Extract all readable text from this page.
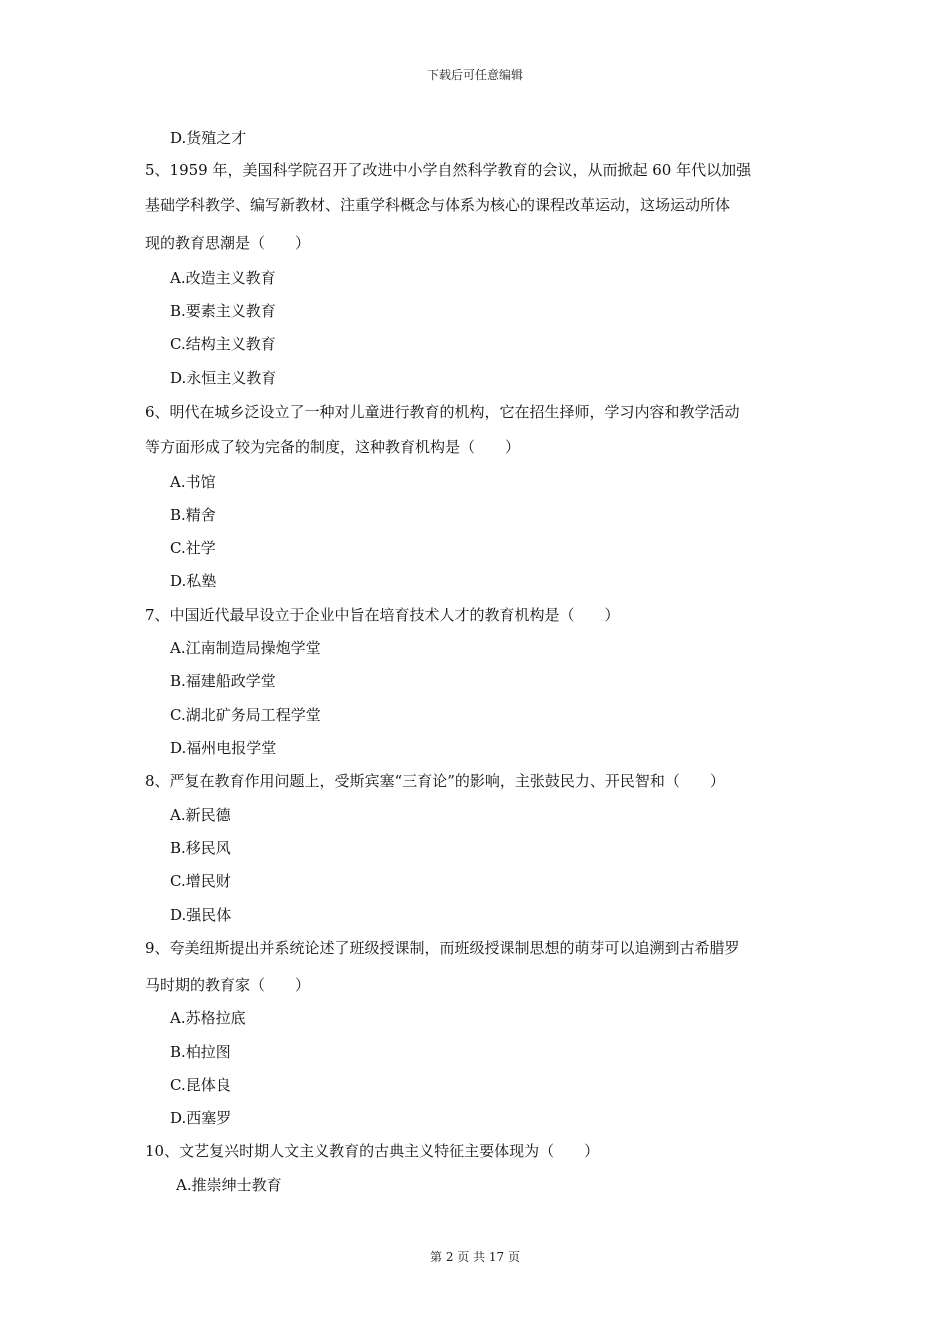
下载后可任意编辑
D.货殖之才
5、1959 年，美国科学院召开了改进中小学自然科学教育的会议，从而掀起 60 年代以加强
基础学科教学、编写新教材、注重学科概念与体系为核心的课程改革运动，这场运动所体
现的教育思潮是（　　）
A.改造主义教育
B.要素主义教育
C.结构主义教育
D.永恒主义教育
6、明代在城乡泛设立了一种对儿童进行教育的机构，它在招生择师，学习内容和教学活动
等方面形成了较为完备的制度，这种教育机构是（　　）
A.书馆
B.精舍
C.社学
D.私塾
7、中国近代最早设立于企业中旨在培育技术人才的教育机构是（　　）
A.江南制造局操炮学堂
B.福建船政学堂
C.湖北矿务局工程学堂
D.福州电报学堂
8、严复在教育作用问题上，受斯宾塞“三育论”的影响，主张鼓民力、开民智和（　　）
A.新民德
B.移民风
C.增民财
D.强民体
9、夸美纽斯提出并系统论述了班级授课制，而班级授课制思想的萌芽可以追溯到古希腊罗
马时期的教育家（　　）
A.苏格拉底
B.柏拉图
C.昆体良
D.西塞罗
10、文艺复兴时期人文主义教育的古典主义特征主要体现为（　　）
A.推崇绅士教育
第 2 页 共 17 页
